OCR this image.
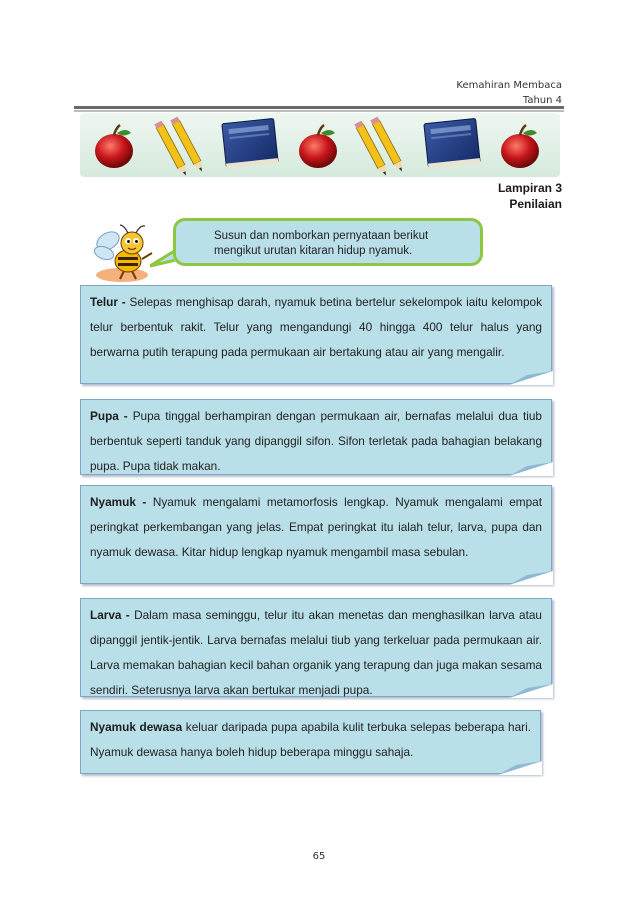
Kemahiran Membaca
Tahun 4
Lampiran 3
Penilaian
Susun dan nomborkan pernyataan berikut
mengikut urutan kitaran hidup nyamuk.
Telur - Selepas menghisap darah, nyamuk betina bertelur sekelompok iaitu kelompok telur berbentuk rakit. Telur yang mengandungi 40 hingga 400 telur halus yang berwarna putih terapung pada permukaan air bertakung atau air yang mengalir.
Pupa - Pupa tinggal berhampiran dengan permukaan air, bernafas melalui dua tiub berbentuk seperti tanduk yang dipanggil sifon. Sifon terletak pada bahagian belakang pupa. Pupa tidak makan.
Nyamuk - Nyamuk mengalami metamorfosis lengkap. Nyamuk mengalami empat peringkat perkembangan yang jelas. Empat peringkat itu ialah telur, larva, pupa dan nyamuk dewasa. Kitar hidup lengkap nyamuk mengambil masa sebulan.
Larva - Dalam masa seminggu, telur itu akan menetas dan menghasilkan larva atau dipanggil jentik-jentik. Larva bernafas melalui tiub yang terkeluar pada permukaan air. Larva memakan bahagian kecil bahan organik yang terapung dan juga makan sesama sendiri. Seterusnya larva akan bertukar menjadi pupa.
Nyamuk dewasa keluar daripada pupa apabila kulit terbuka selepas beberapa hari. Nyamuk dewasa hanya boleh hidup beberapa minggu sahaja.
65
